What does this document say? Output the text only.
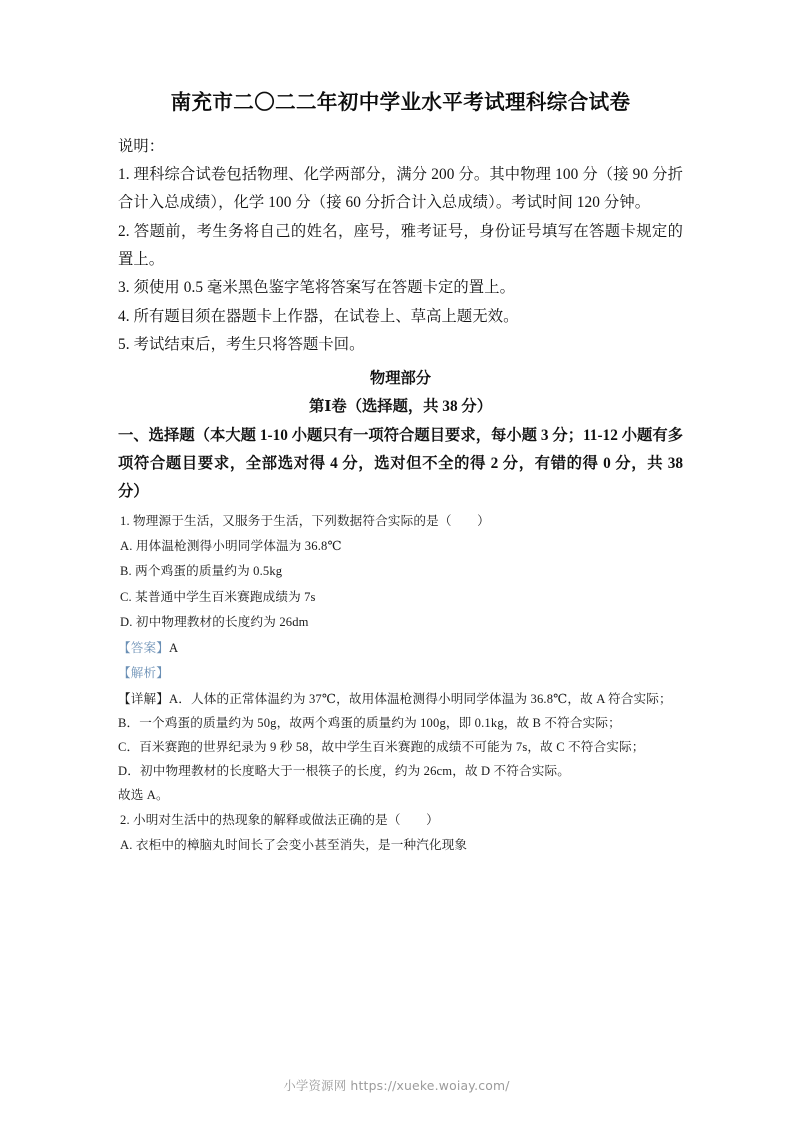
南充市二〇二二年初中学业水平考试理科综合试卷

说明：

1. 理科综合试卷包括物理、化学两部分，满分 200 分。其中物理 100 分（接 90 分折合计入总成绩），化学 100 分（接 60 分折合计入总成绩）。考试时间 120 分钟。

2. 答题前，考生务将自己的姓名，座号，雅考证号，身份证号填写在答题卡规定的置上。

3. 须使用 0.5 毫米黑色鉴字笔将答案写在答题卡定的置上。

4. 所有题目须在器题卡上作器，在试卷上、草高上题无效。

5. 考试结束后，考生只将答题卡回。

物理部分

第Ⅰ卷（选择题，共 38 分）

一、选择题（本大题 1-10 小题只有一项符合题目要求，每小题 3 分；11-12 小题有多项符合题目要求，全部选对得 4 分，选对但不全的得 2 分，有错的得 0 分，共 38 分）

1. 物理源于生活，又服务于生活，下列数据符合实际的是（　　）

A. 用体温枪测得小明同学体温为 36.8℃

B. 两个鸡蛋的质量约为 0.5kg

C. 某普通中学生百米赛跑成绩为 7s

D. 初中物理教材的长度约为 26dm

【答案】A

【解析】

【详解】A．人体的正常体温约为 37℃，故用体温枪测得小明同学体温为 36.8℃，故 A 符合实际；

B．一个鸡蛋的质量约为 50g，故两个鸡蛋的质量约为 100g，即 0.1kg，故 B 不符合实际；

C．百米赛跑的世界纪录为 9 秒 58，故中学生百米赛跑的成绩不可能为 7s，故 C 不符合实际；

D．初中物理教材的长度略大于一根筷子的长度，约为 26cm，故 D 不符合实际。

故选 A。

2. 小明对生活中的热现象的解释或做法正确的是（　　）

A. 衣柜中的樟脑丸时间长了会变小甚至消失，是一种汽化现象

小学资源网 https://xueke.woiay.com/
